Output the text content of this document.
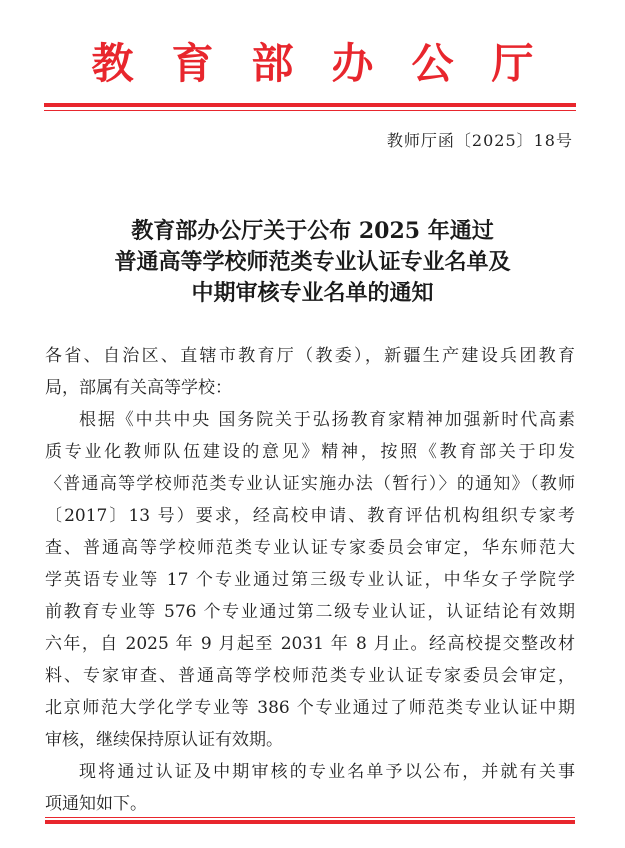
教育部办公厅
教师厅函〔2025〕18号
教育部办公厅关于公布 2025 年通过
普通高等学校师范类专业认证专业名单及
中期审核专业名单的通知
各省、自治区、直辖市教育厅（教委），新疆生产建设兵团教育
局，部属有关高等学校：
根据《中共中央 国务院关于弘扬教育家精神加强新时代高素
质专业化教师队伍建设的意见》精神，按照《教育部关于印发
〈普通高等学校师范类专业认证实施办法（暂行）〉的通知》（教师
〔2017〕13 号）要求，经高校申请、教育评估机构组织专家考
查、普通高等学校师范类专业认证专家委员会审定，华东师范大
学英语专业等 17 个专业通过第三级专业认证，中华女子学院学
前教育专业等 576 个专业通过第二级专业认证，认证结论有效期
六年，自 2025 年 9 月起至 2031 年 8 月止。经高校提交整改材
料、专家审查、普通高等学校师范类专业认证专家委员会审定，
北京师范大学化学专业等 386 个专业通过了师范类专业认证中期
审核，继续保持原认证有效期。
现将通过认证及中期审核的专业名单予以公布，并就有关事
项通知如下。
